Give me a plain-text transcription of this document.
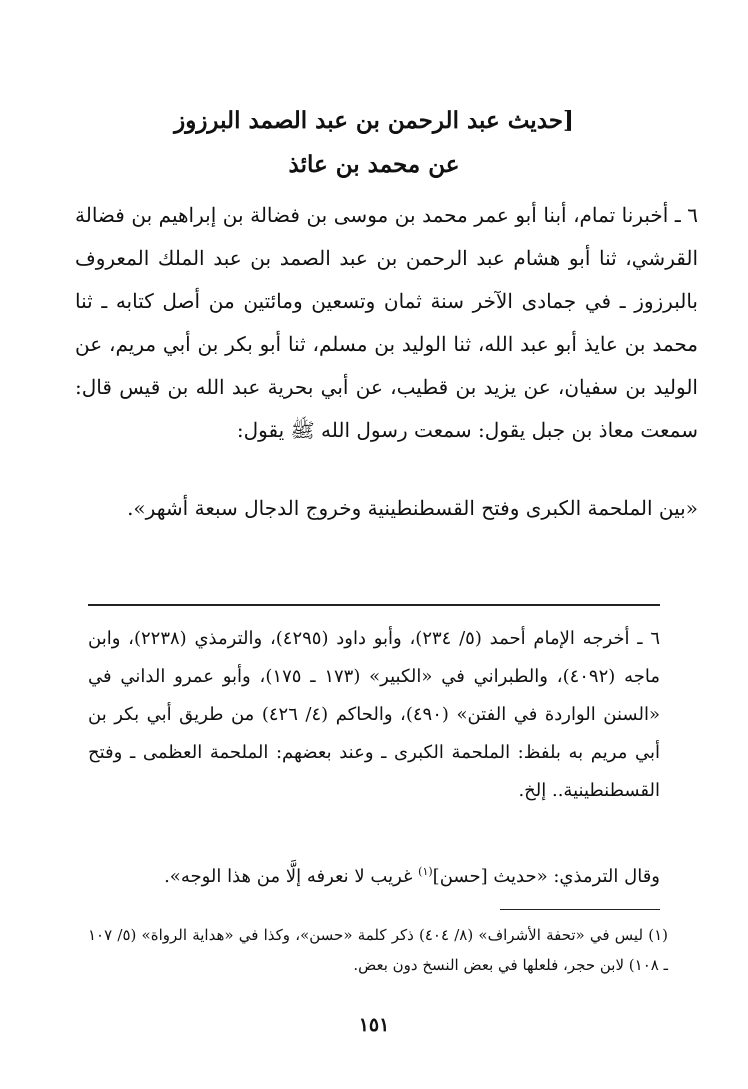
[حديث عبد الرحمن بن عبد الصمد البرزوز
عن محمد بن عائذ
٦ ـ أخبرنا تمام، أبنا أبو عمر محمد بن موسى بن فضالة بن إبراهيم بن فضالة القرشي، ثنا أبو هشام عبد الرحمن بن عبد الصمد بن عبد الملك المعروف بالبرزوز ـ في جمادى الآخر سنة ثمان وتسعين ومائتين من أصل كتابه ـ ثنا محمد بن عايذ أبو عبد الله، ثنا الوليد بن مسلم، ثنا أبو بكر بن أبي مريم، عن الوليد بن سفيان، عن يزيد بن قطيب، عن أبي بحرية عبد الله بن قيس قال: سمعت معاذ بن جبل يقول: سمعت رسول الله ﷺ يقول:
«بين الملحمة الكبرى وفتح القسطنطينية وخروج الدجال سبعة أشهر».
٦ ـ أخرجه الإمام أحمد (٥/ ٢٣٤)، وأبو داود (٤٢٩٥)، والترمذي (٢٢٣٨)، وابن ماجه (٤٠٩٢)، والطبراني في «الكبير» (١٧٣ ـ ١٧٥)، وأبو عمرو الداني في «السنن الواردة في الفتن» (٤٩٠)، والحاكم (٤/ ٤٢٦) من طريق أبي بكر بن أبي مريم به بلفظ: الملحمة الكبرى ـ وعند بعضهم: الملحمة العظمى ـ وفتح القسطنطينية.. إلخ.
وقال الترمذي: «حديث [حسن]$^{(١)}$ غريب لا نعرفه إلَّا من هذا الوجه».
(١) ليس في «تحفة الأشراف» (٨/ ٤٠٤) ذكر كلمة «حسن»، وكذا في «هداية الرواة» (٥/ ١٠٧ ـ ١٠٨) لابن حجر، فلعلها في بعض النسخ دون بعض.
١٥١
